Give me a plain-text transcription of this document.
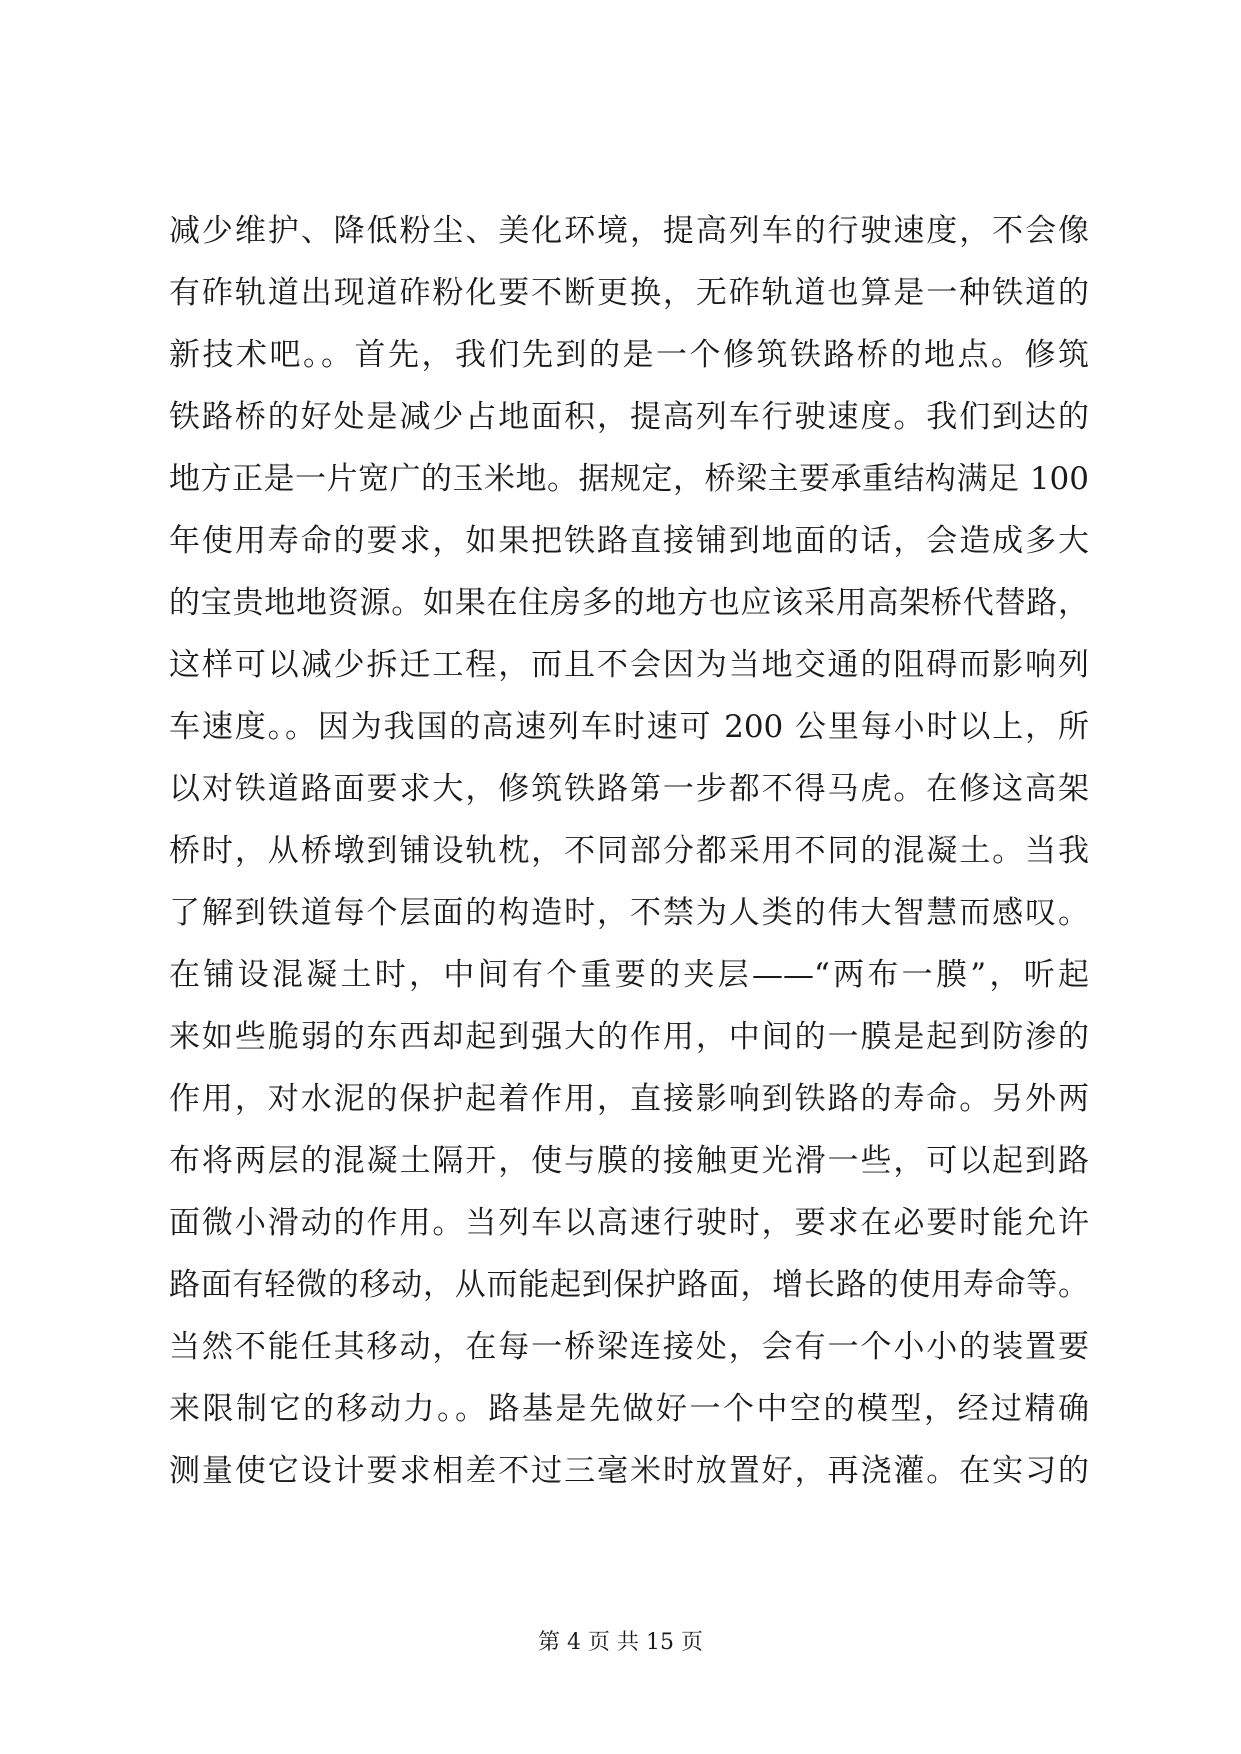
减少维护、降低粉尘、美化环境，提高列车的行驶速度，不会像
有砟轨道出现道砟粉化要不断更换，无砟轨道也算是一种铁道的
新技术吧。。首先，我们先到的是一个修筑铁路桥的地点。修筑
铁路桥的好处是减少占地面积，提高列车行驶速度。我们到达的
地方正是一片宽广的玉米地。据规定，桥梁主要承重结构满足 100
年使用寿命的要求，如果把铁路直接铺到地面的话，会造成多大
的宝贵地地资源。如果在住房多的地方也应该采用高架桥代替路，
这样可以减少拆迁工程，而且不会因为当地交通的阻碍而影响列
车速度。。因为我国的高速列车时速可 200 公里每小时以上，所
以对铁道路面要求大，修筑铁路第一步都不得马虎。在修这高架
桥时，从桥墩到铺设轨枕，不同部分都采用不同的混凝土。当我
了解到铁道每个层面的构造时，不禁为人类的伟大智慧而感叹。
在铺设混凝土时，中间有个重要的夹层——“两布一膜”，听起
来如些脆弱的东西却起到强大的作用，中间的一膜是起到防渗的
作用，对水泥的保护起着作用，直接影响到铁路的寿命。另外两
布将两层的混凝土隔开，使与膜的接触更光滑一些，可以起到路
面微小滑动的作用。当列车以高速行驶时，要求在必要时能允许
路面有轻微的移动，从而能起到保护路面，增长路的使用寿命等。
当然不能任其移动，在每一桥梁连接处，会有一个小小的装置要
来限制它的移动力。。路基是先做好一个中空的模型，经过精确
测量使它设计要求相差不过三毫米时放置好，再浇灌。在实习的
第 4 页 共 15 页
